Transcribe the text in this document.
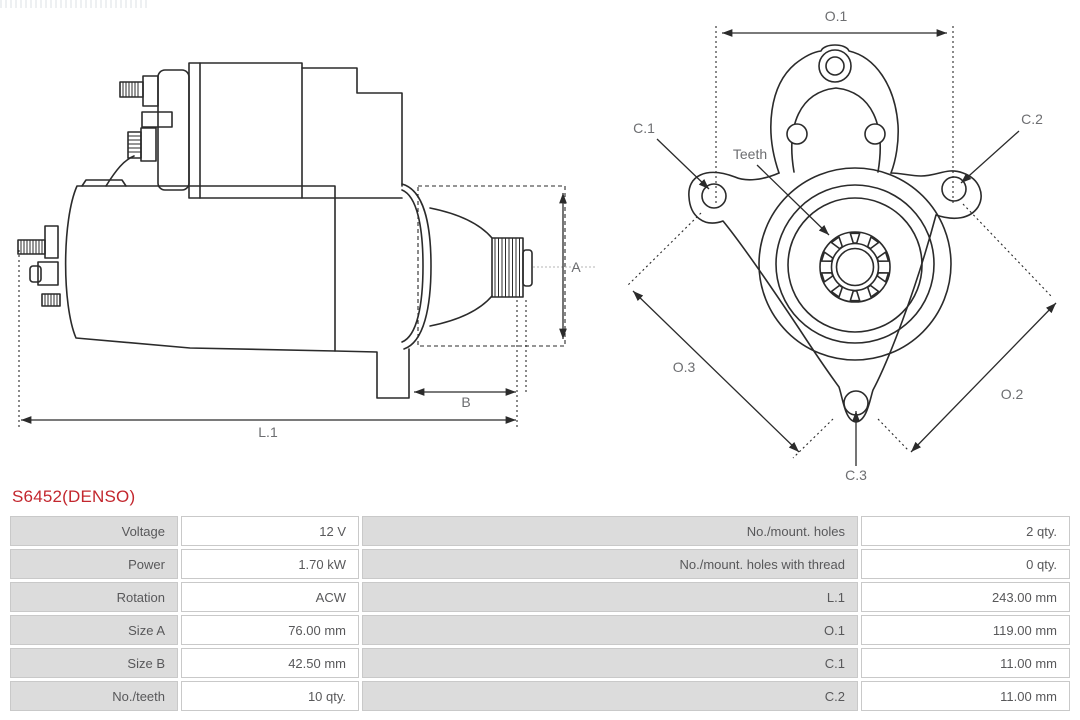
A
B
L.1
O.1
O.3
O.2
C.1
C.2
C.3
Teeth
S6452(DENSO)
Voltage	12 V	No./mount. holes	2 qty.
Power	1.70 kW	No./mount. holes with thread	0 qty.
Rotation	ACW	L.1	243.00 mm
Size A	76.00 mm	O.1	119.00 mm
Size B	42.50 mm	C.1	11.00 mm
No./teeth	10 qty.	C.2	11.00 mm
